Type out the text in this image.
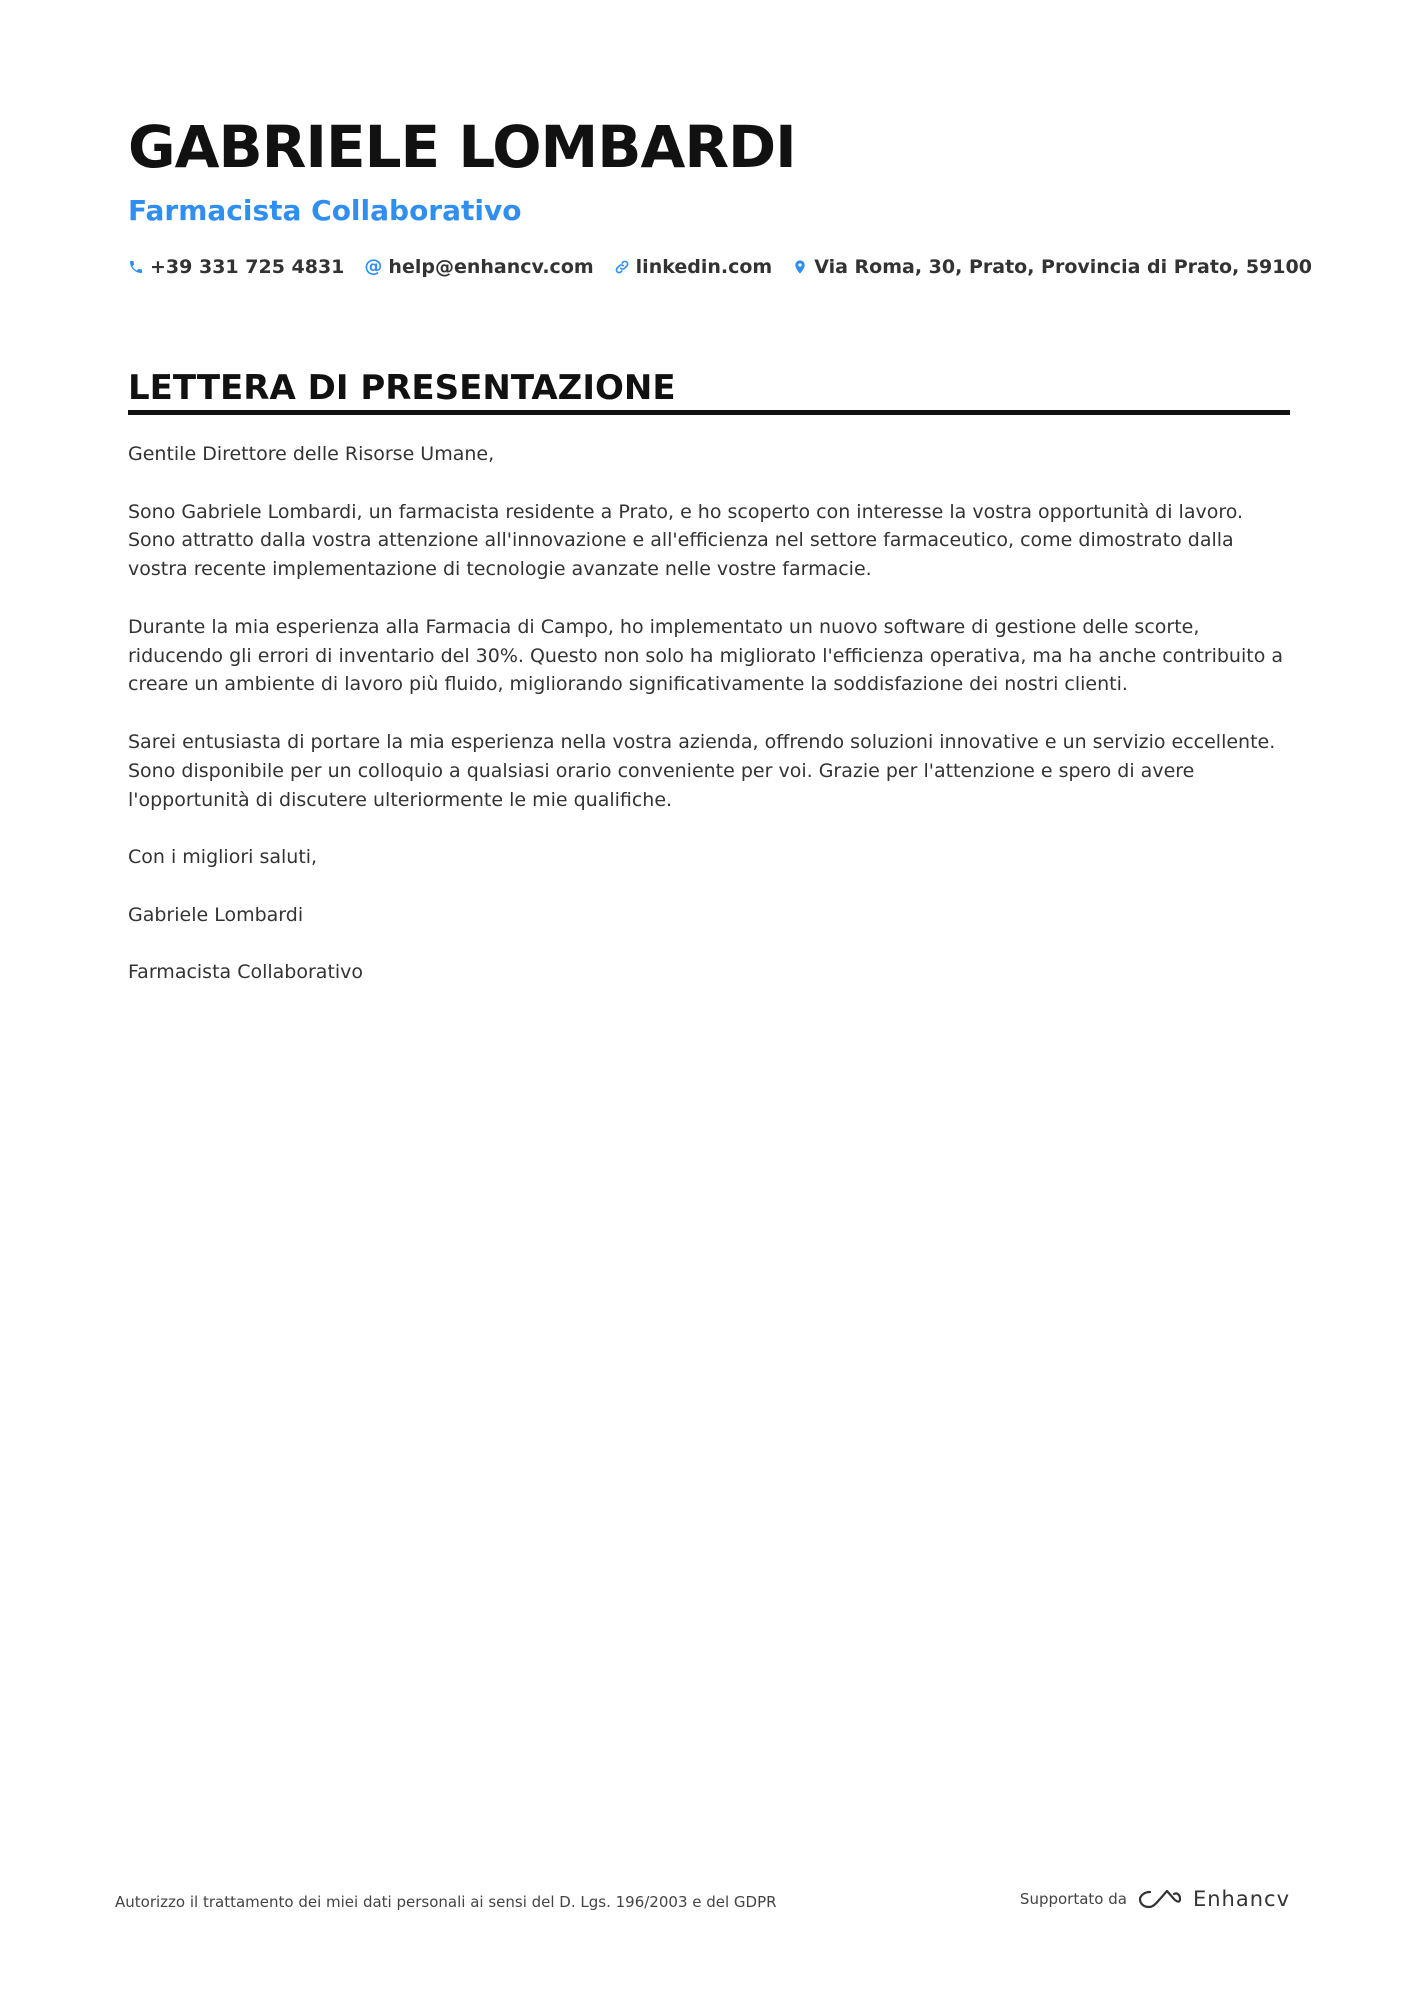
GABRIELE LOMBARDI
Farmacista Collaborativo
+39 331 725 4831 @ help@enhancv.com linkedin.com Via Roma, 30, Prato, Provincia di Prato, 59100
LETTERA DI PRESENTAZIONE

Gentile Direttore delle Risorse Umane,

Sono Gabriele Lombardi, un farmacista residente a Prato, e ho scoperto con interesse la vostra opportunità di lavoro. Sono attratto dalla vostra attenzione all'innovazione e all'efficienza nel settore farmaceutico, come dimostrato dalla vostra recente implementazione di tecnologie avanzate nelle vostre farmacie.

Durante la mia esperienza alla Farmacia di Campo, ho implementato un nuovo software di gestione delle scorte, riducendo gli errori di inventario del 30%. Questo non solo ha migliorato l'efficienza operativa, ma ha anche contribuito a creare un ambiente di lavoro più fluido, migliorando significativamente la soddisfazione dei nostri clienti.

Sarei entusiasta di portare la mia esperienza nella vostra azienda, offrendo soluzioni innovative e un servizio eccellente. Sono disponibile per un colloquio a qualsiasi orario conveniente per voi. Grazie per l'attenzione e spero di avere l'opportunità di discutere ulteriormente le mie qualifiche.

Con i migliori saluti,

Gabriele Lombardi

Farmacista Collaborativo

Autorizzo il trattamento dei miei dati personali ai sensi del D. Lgs. 196/2003 e del GDPR	Supportato da	Enhancv
